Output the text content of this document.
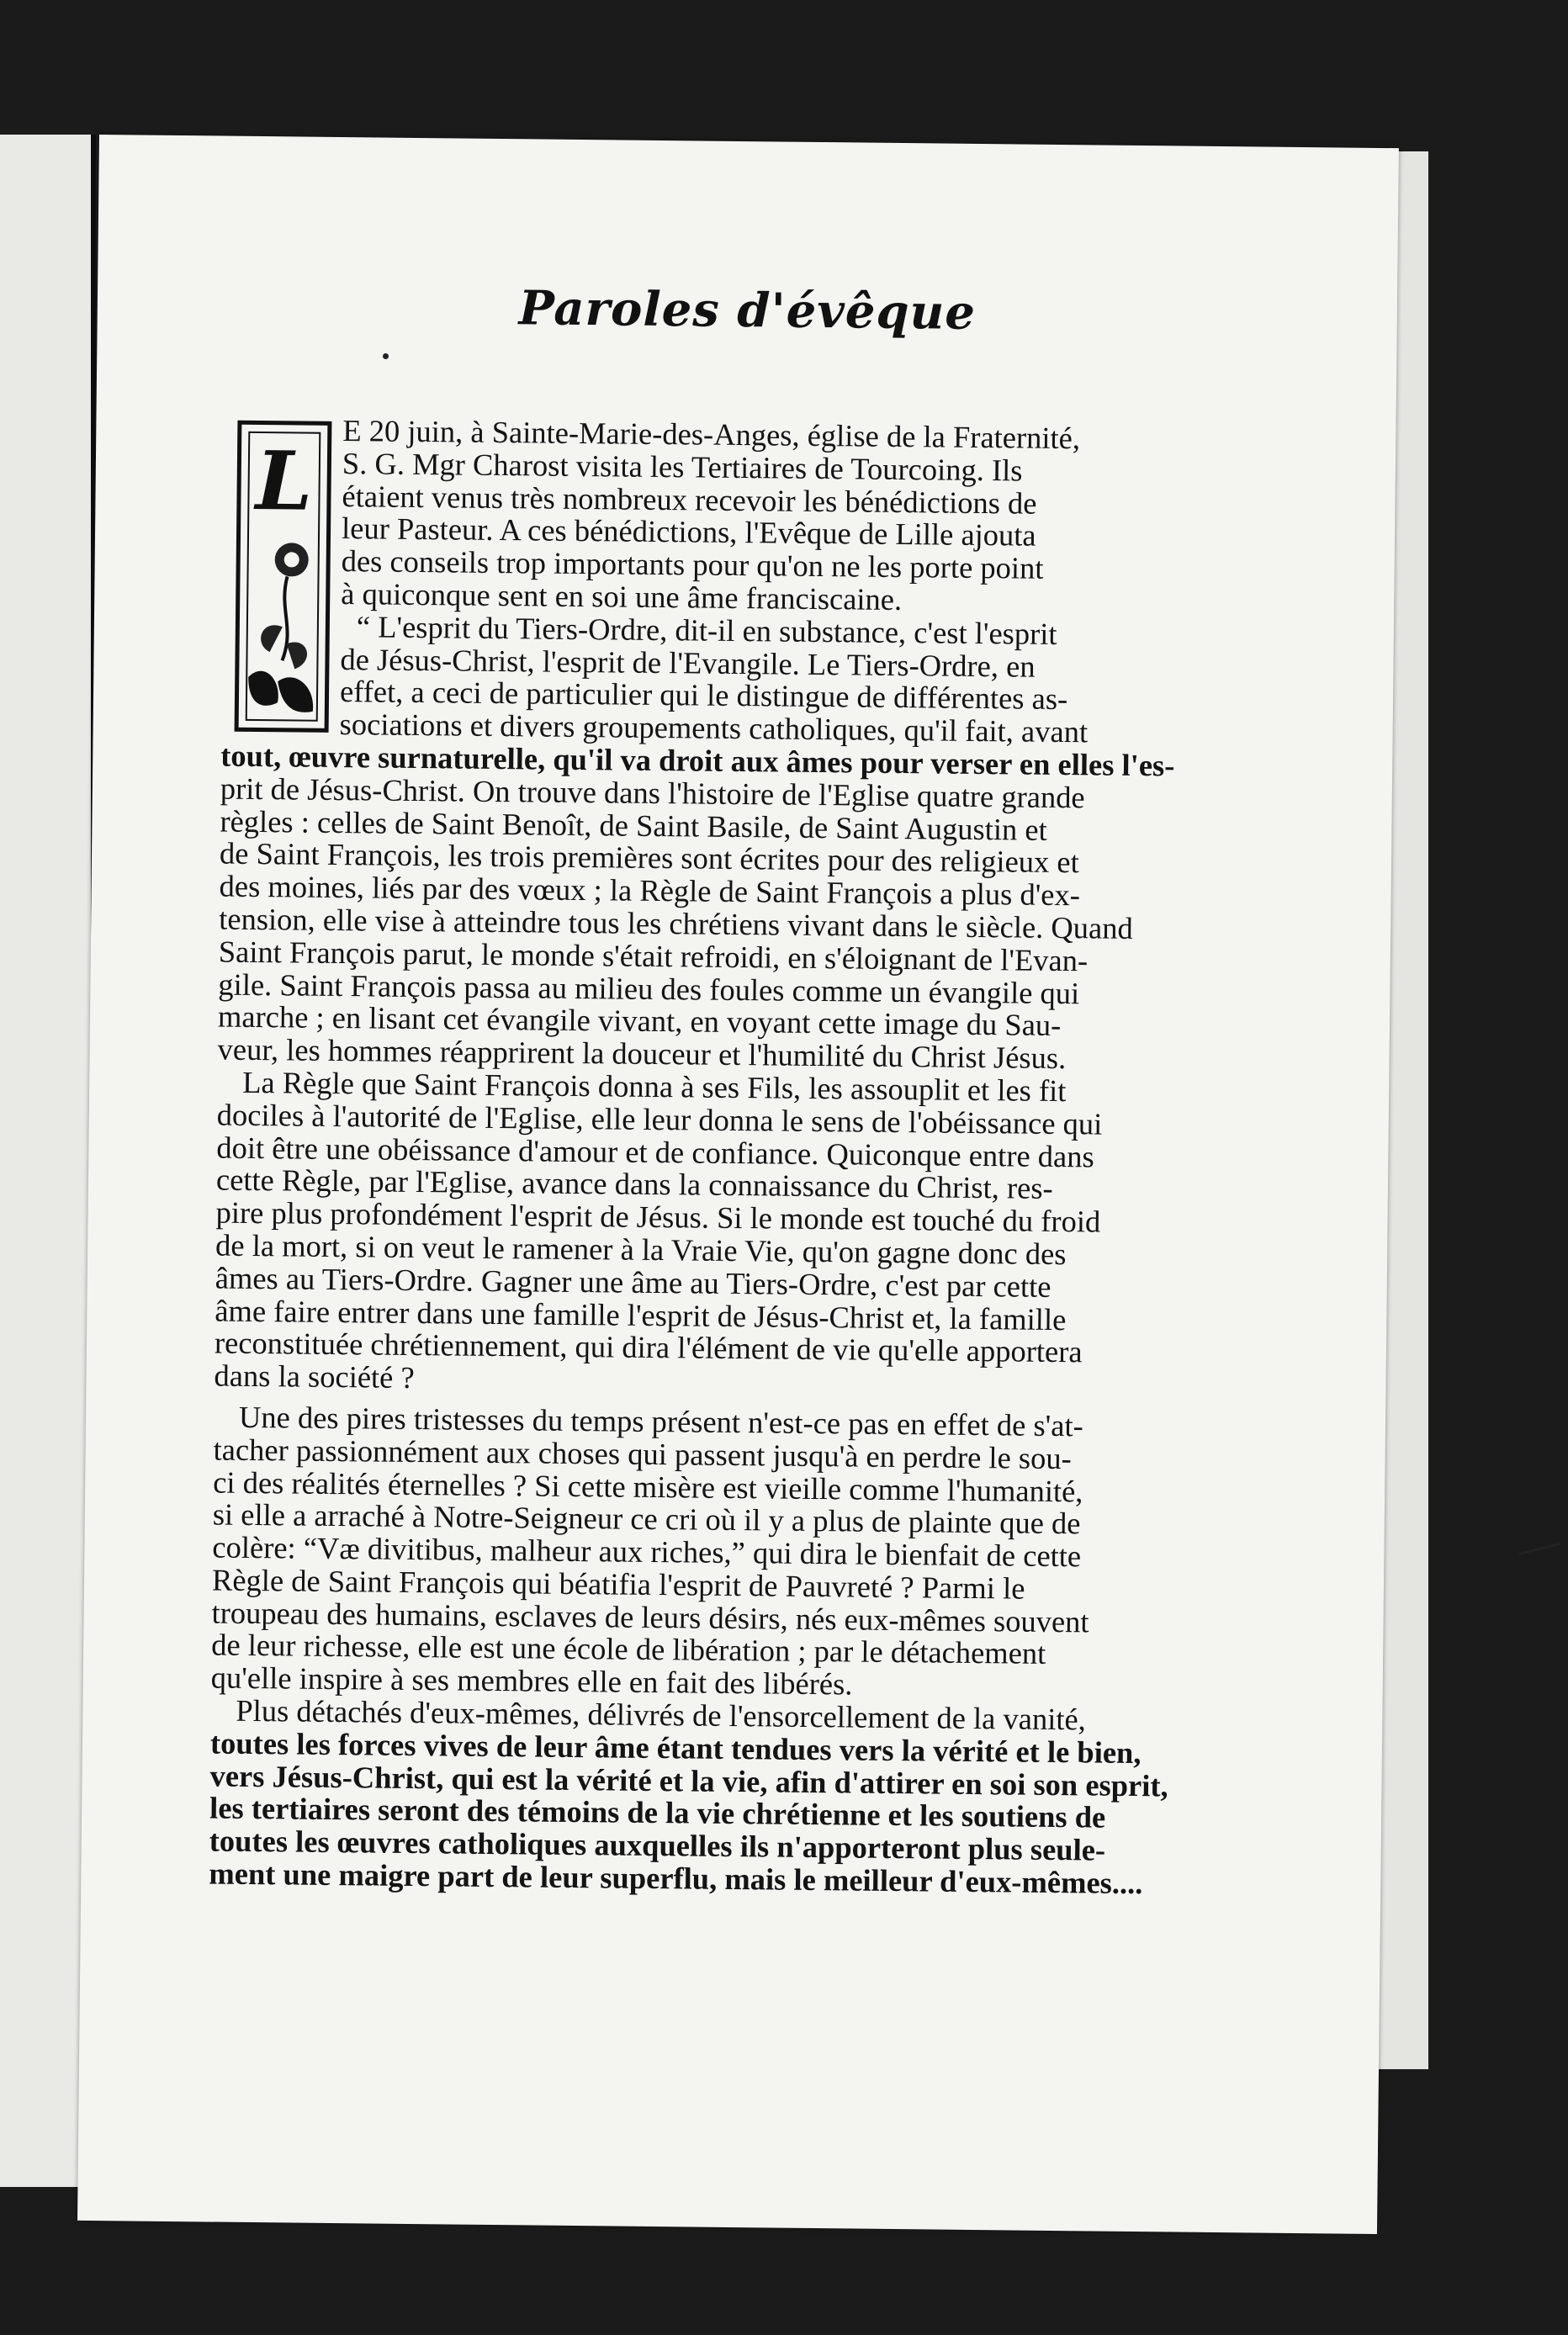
Paroles d'évêque
L E 20 juin, à Sainte-Marie-des-Anges, église de la Fraternité,
S. G. Mgr Charost visita les Tertiaires de Tourcoing. Ils
étaient venus très nombreux recevoir les bénédictions de
leur Pasteur. A ces bénédictions, l'Evêque de Lille ajouta
des conseils trop importants pour qu'on ne les porte point
à quiconque sent en soi une âme franciscaine.
“ L'esprit du Tiers-Ordre, dit-il en substance, c'est l'esprit
de Jésus-Christ, l'esprit de l'Evangile. Le Tiers-Ordre, en
effet, a ceci de particulier qui le distingue de différentes as-
sociations et divers groupements catholiques, qu'il fait, avant
tout, œuvre surnaturelle, qu'il va droit aux âmes pour verser en elles l'es-
prit de Jésus-Christ. On trouve dans l'histoire de l'Eglise quatre grande
règles : celles de Saint Benoît, de Saint Basile, de Saint Augustin et
de Saint François, les trois premières sont écrites pour des religieux et
des moines, liés par des vœux ; la Règle de Saint François a plus d'ex-
tension, elle vise à atteindre tous les chrétiens vivant dans le siècle. Quand
Saint François parut, le monde s'était refroidi, en s'éloignant de l'Evan-
gile. Saint François passa au milieu des foules comme un évangile qui
marche ; en lisant cet évangile vivant, en voyant cette image du Sau-
veur, les hommes réapprirent la douceur et l'humilité du Christ Jésus.
La Règle que Saint François donna à ses Fils, les assouplit et les fit
dociles à l'autorité de l'Eglise, elle leur donna le sens de l'obéissance qui
doit être une obéissance d'amour et de confiance. Quiconque entre dans
cette Règle, par l'Eglise, avance dans la connaissance du Christ, res-
pire plus profondément l'esprit de Jésus. Si le monde est touché du froid
de la mort, si on veut le ramener à la Vraie Vie, qu'on gagne donc des
âmes au Tiers-Ordre. Gagner une âme au Tiers-Ordre, c'est par cette
âme faire entrer dans une famille l'esprit de Jésus-Christ et, la famille
reconstituée chrétiennement, qui dira l'élément de vie qu'elle apportera
dans la société ?
Une des pires tristesses du temps présent n'est-ce pas en effet de s'at-
tacher passionnément aux choses qui passent jusqu'à en perdre le sou-
ci des réalités éternelles ? Si cette misère est vieille comme l'humanité,
si elle a arraché à Notre-Seigneur ce cri où il y a plus de plainte que de
colère: “Væ divitibus, malheur aux riches,” qui dira le bienfait de cette
Règle de Saint François qui béatifia l'esprit de Pauvreté ? Parmi le
troupeau des humains, esclaves de leurs désirs, nés eux-mêmes souvent
de leur richesse, elle est une école de libération ; par le détachement
qu'elle inspire à ses membres elle en fait des libérés.
Plus détachés d'eux-mêmes, délivrés de l'ensorcellement de la vanité,
toutes les forces vives de leur âme étant tendues vers la vérité et le bien,
vers Jésus-Christ, qui est la vérité et la vie, afin d'attirer en soi son esprit,
les tertiaires seront des témoins de la vie chrétienne et les soutiens de
toutes les œuvres catholiques auxquelles ils n'apporteront plus seule-
ment une maigre part de leur superflu, mais le meilleur d'eux-mêmes....
